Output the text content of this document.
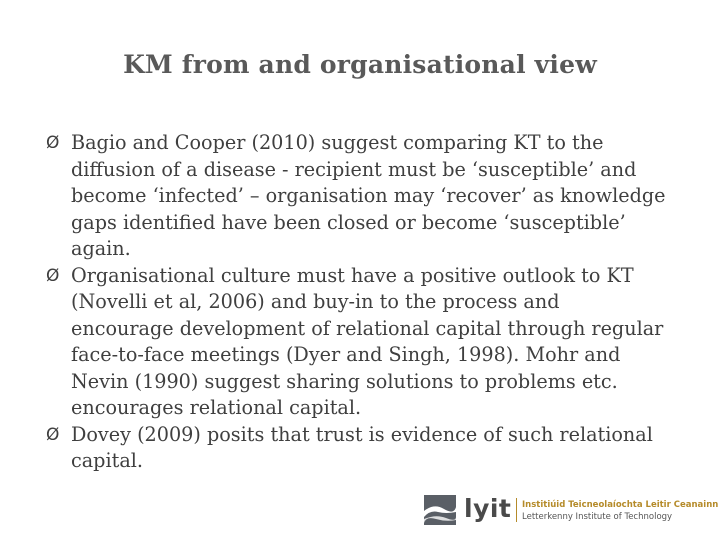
KM from and organisational view
Ø Bagio and Cooper (2010) suggest comparing KT to the diffusion of a disease - recipient must be ‘susceptible’ and become ‘infected’ – organisation may ‘recover’ as knowledge gaps identified have been closed or become ‘susceptible’ again.
Ø Organisational culture must have a positive outlook to KT (Novelli et al, 2006) and buy-in to the process and encourage development of relational capital through regular face-to-face meetings (Dyer and Singh, 1998). Mohr and Nevin (1990) suggest sharing solutions to problems etc. encourages relational capital.
Ø Dovey (2009) posits that trust is evidence of such relational capital.
lyit Institiúid Teicneolaíochta Leitir Ceanainn
Letterkenny Institute of Technology
